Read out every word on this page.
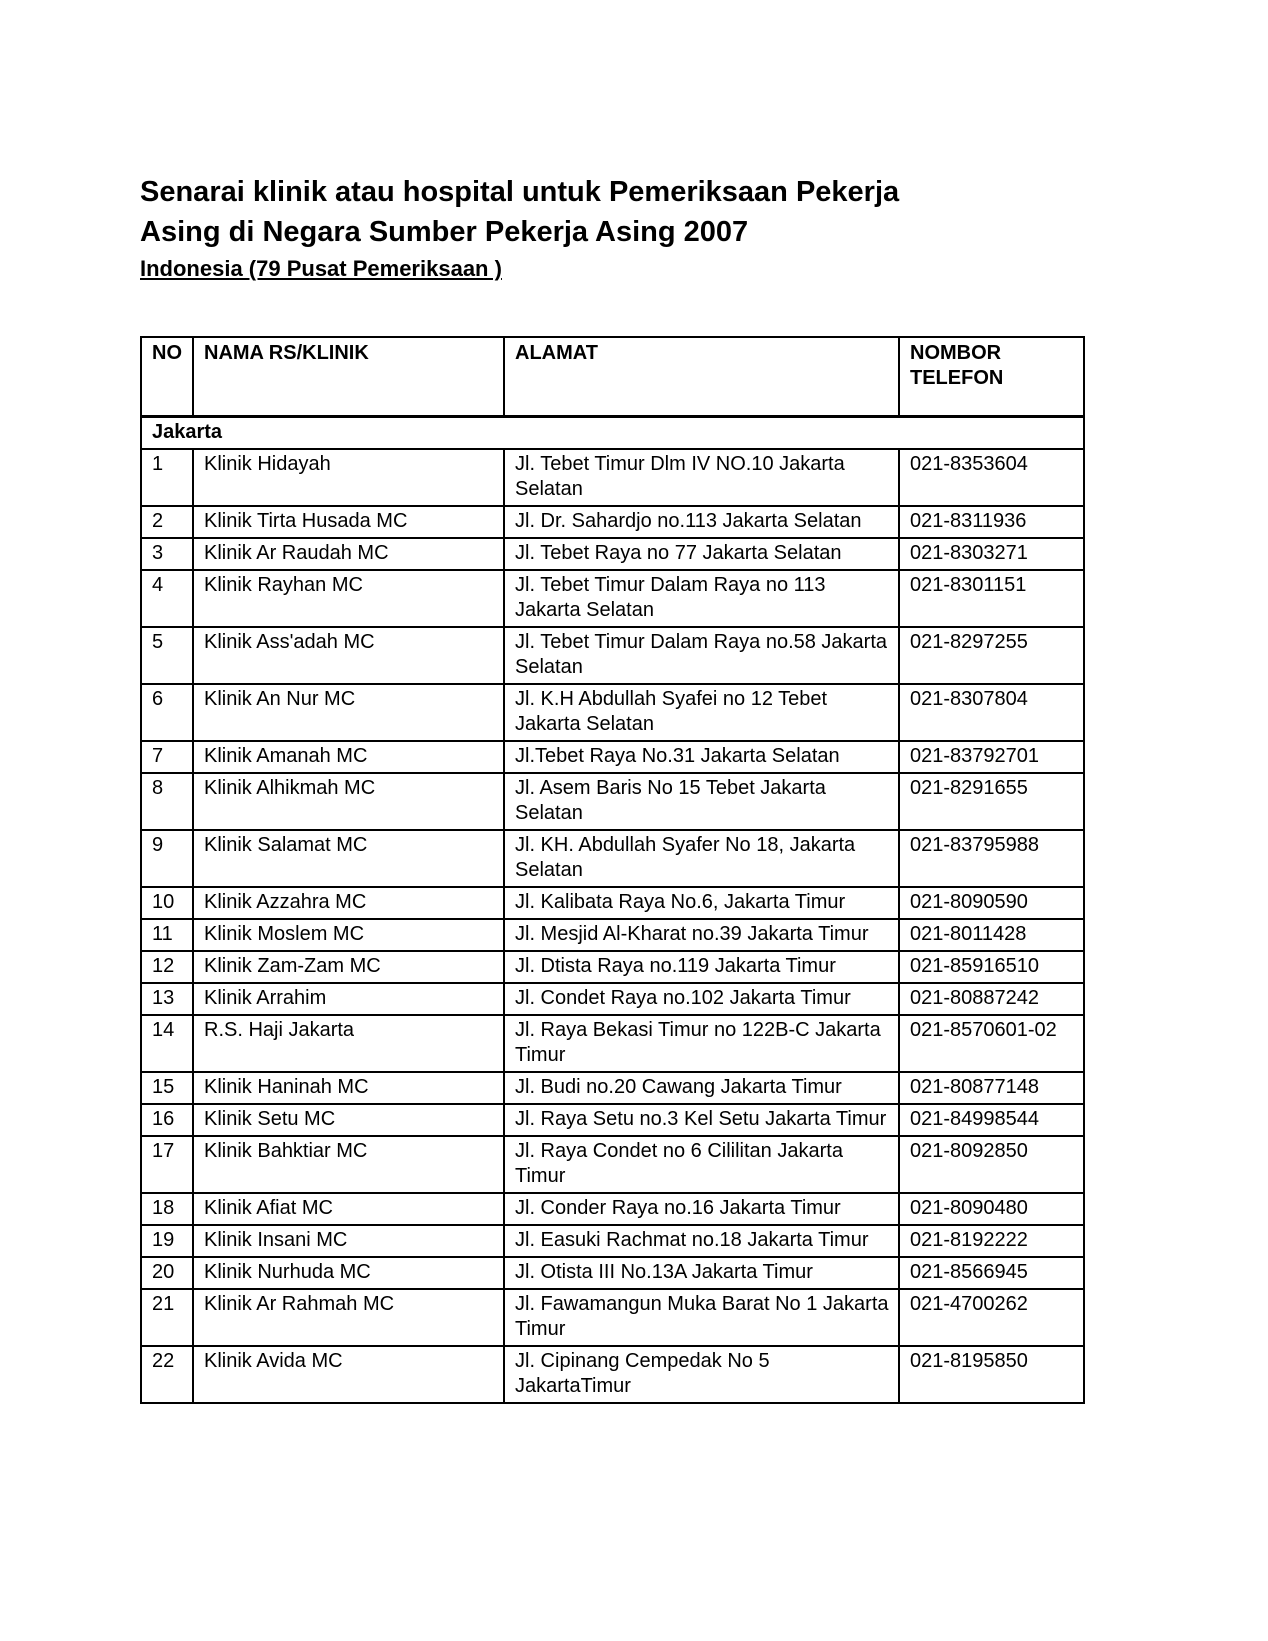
Senarai klinik atau hospital untuk Pemeriksaan Pekerja
Asing di Negara Sumber Pekerja Asing 2007
Indonesia (79 Pusat Pemeriksaan )
NO	NAMA RS/KLINIK	ALAMAT	NOMBOR TELEFON
Jakarta			
1	Klinik Hidayah	Jl. Tebet Timur Dlm IV NO.10 Jakarta Selatan	021-8353604
2	Klinik Tirta Husada MC	Jl. Dr. Sahardjo no.113 Jakarta Selatan	021-8311936
3	Klinik Ar Raudah MC	Jl. Tebet Raya no 77 Jakarta Selatan	021-8303271
4	Klinik Rayhan MC	Jl. Tebet Timur Dalam Raya no 113 Jakarta Selatan	021-8301151
5	Klinik Ass'adah MC	Jl. Tebet Timur Dalam Raya no.58 Jakarta Selatan	021-8297255
6	Klinik An Nur MC	Jl. K.H Abdullah Syafei no 12 Tebet Jakarta Selatan	021-8307804
7	Klinik Amanah MC	Jl.Tebet Raya No.31 Jakarta Selatan	021-83792701
8	Klinik Alhikmah MC	Jl. Asem Baris No 15 Tebet Jakarta Selatan	021-8291655
9	Klinik Salamat MC	Jl. KH. Abdullah Syafer No 18, Jakarta Selatan	021-83795988
10	Klinik Azzahra MC	Jl. Kalibata Raya No.6, Jakarta Timur	021-8090590
11	Klinik Moslem MC	Jl. Mesjid Al-Kharat no.39 Jakarta Timur	021-8011428
12	Klinik Zam-Zam MC	Jl. Dtista Raya no.119 Jakarta Timur	021-85916510
13	Klinik Arrahim	Jl. Condet Raya no.102 Jakarta Timur	021-80887242
14	R.S. Haji Jakarta	Jl. Raya Bekasi Timur no 122B-C Jakarta Timur	021-8570601-02
15	Klinik Haninah MC	Jl. Budi no.20 Cawang Jakarta Timur	021-80877148
16	Klinik Setu MC	Jl. Raya Setu no.3 Kel Setu Jakarta Timur	021-84998544
17	Klinik Bahktiar MC	Jl. Raya Condet no 6 Cililitan Jakarta Timur	021-8092850
18	Klinik Afiat MC	Jl. Conder Raya no.16 Jakarta Timur	021-8090480
19	Klinik Insani MC	Jl. Easuki Rachmat no.18 Jakarta Timur	021-8192222
20	Klinik Nurhuda MC	Jl. Otista III No.13A Jakarta Timur	021-8566945
21	Klinik Ar Rahmah MC	Jl. Fawamangun Muka Barat No 1 Jakarta Timur	021-4700262
22	Klinik Avida MC	Jl. Cipinang Cempedak No 5 JakartaTimur	021-8195850
